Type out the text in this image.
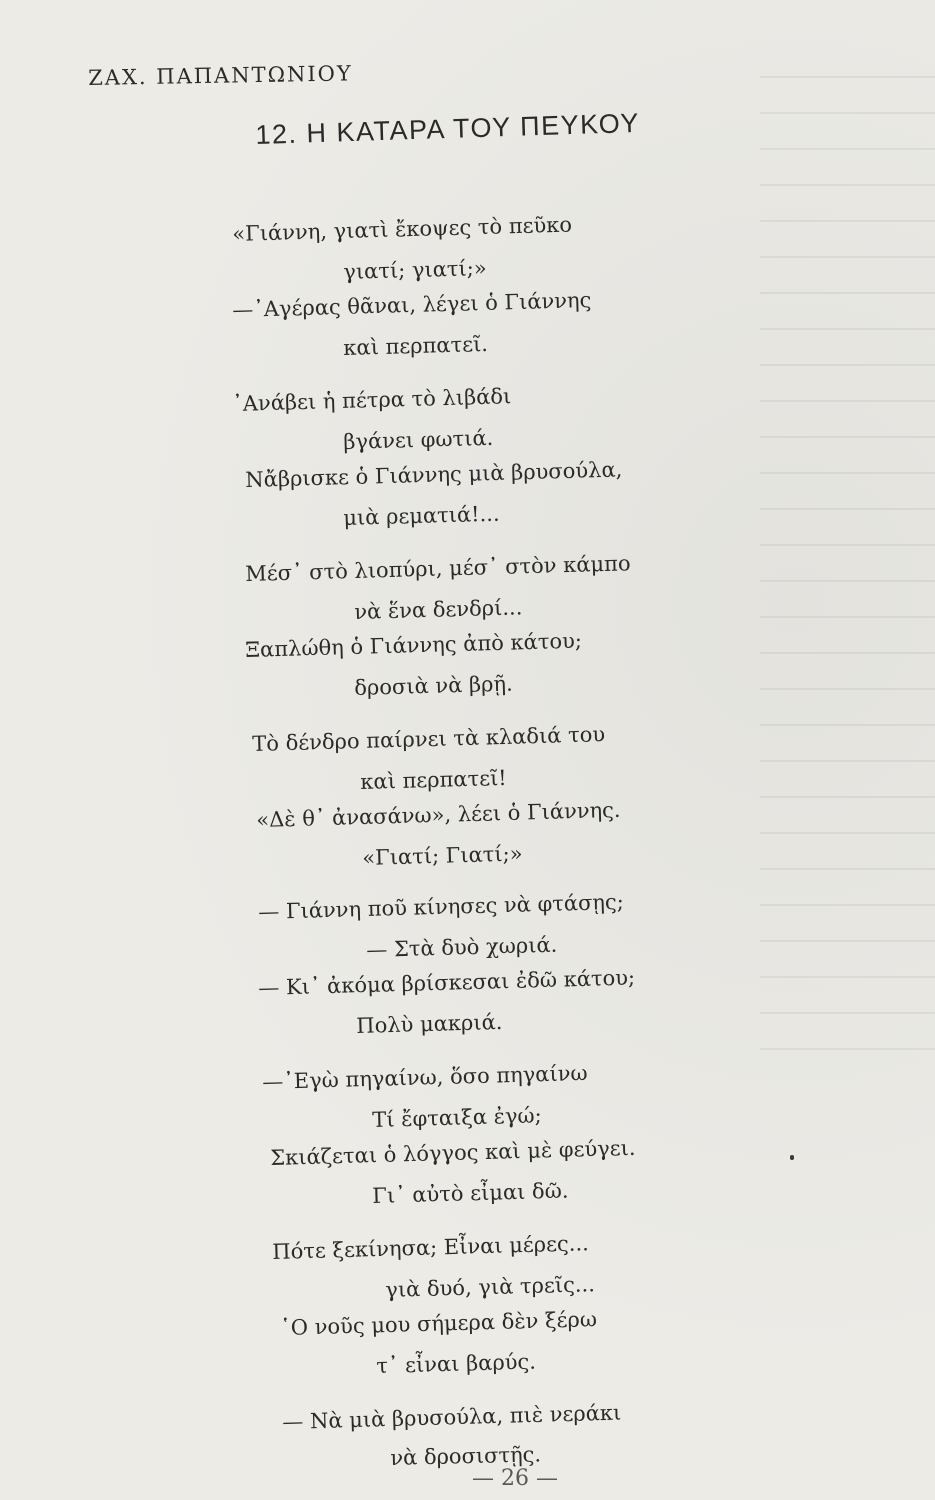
ΖΑΧ. ΠΑΠΑΝΤΩΝΙΟΥ
12. Η ΚΑΤΑΡΑ ΤΟΥ ΠΕΥΚΟΥ
«Γιάννη, γιατὶ ἔκοψες τὸ πεῦκο
γιατί; γιατί;»
—᾿Αγέρας θᾶναι, λέγει ὁ Γιάννης
καὶ περπατεῖ.
᾿Ανάβει ἡ πέτρα τὸ λιβάδι
βγάνει φωτιά.
Νἄβρισκε ὁ Γιάννης μιὰ βρυσούλα,
μιὰ ρεματιά!...
Μέσ᾿ στὸ λιοπύρι, μέσ᾿ στὸν κάμπο
νὰ ἕνα δενδρί...
Ξαπλώθη ὁ Γιάννης ἀπὸ κάτου;
δροσιὰ νὰ βρῇ.
Τὸ δένδρο παίρνει τὰ κλαδιά του
καὶ περπατεῖ!
«Δὲ θ᾿ ἀνασάνω», λέει ὁ Γιάννης.
«Γιατί; Γιατί;»
— Γιάννη ποῦ κίνησες νὰ φτάσῃς;
— Στὰ δυὸ χωριά.
— Κι᾿ ἀκόμα βρίσκεσαι ἐδῶ κάτου;
Πολὺ μακριά.
—᾿Εγὼ πηγαίνω, ὅσο πηγαίνω
Τί ἔφταιξα ἐγώ;
Σκιάζεται ὁ λόγγος καὶ μὲ φεύγει.
Γι᾿ αὐτὸ εἶμαι δῶ.
Πότε ξεκίνησα; Εἶναι μέρες...
γιὰ δυό, γιὰ τρεῖς...
῾Ο νοῦς μου σήμερα δὲν ξέρω
τ᾿ εἶναι βαρύς.
— Νὰ μιὰ βρυσούλα, πιὲ νεράκι
νὰ δροσιστῇς.
— 26 —
